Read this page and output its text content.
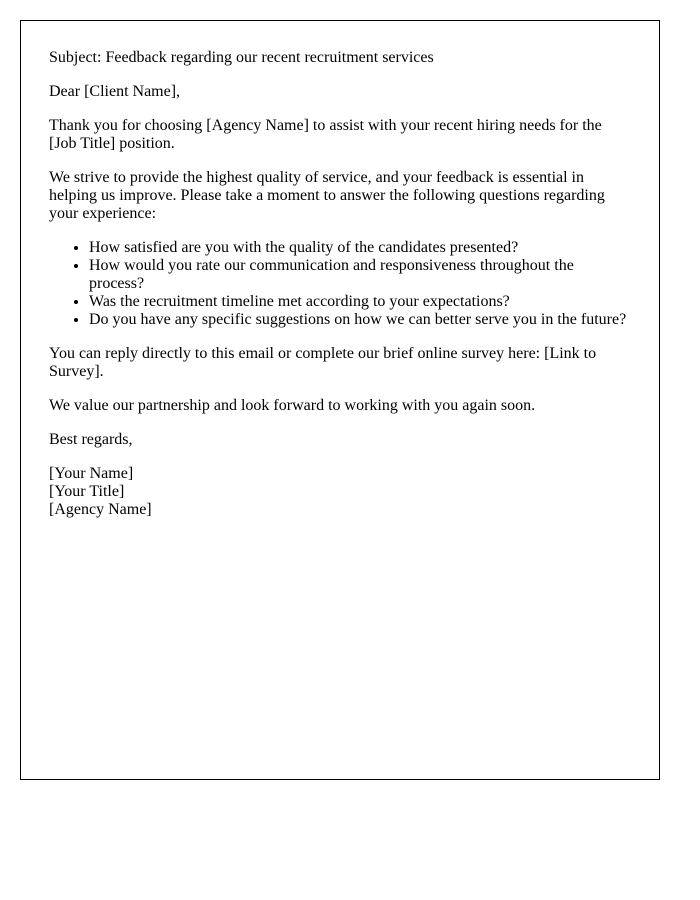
Subject: Feedback regarding our recent recruitment services

Dear [Client Name],

Thank you for choosing [Agency Name] to assist with your recent hiring needs for the [Job Title] position.

We strive to provide the highest quality of service, and your feedback is essential in helping us improve. Please take a moment to answer the following questions regarding your experience:

• How satisfied are you with the quality of the candidates presented?
• How would you rate our communication and responsiveness throughout the process?
• Was the recruitment timeline met according to your expectations?
• Do you have any specific suggestions on how we can better serve you in the future?

You can reply directly to this email or complete our brief online survey here: [Link to Survey].

We value our partnership and look forward to working with you again soon.

Best regards,

[Your Name]
[Your Title]
[Agency Name]
